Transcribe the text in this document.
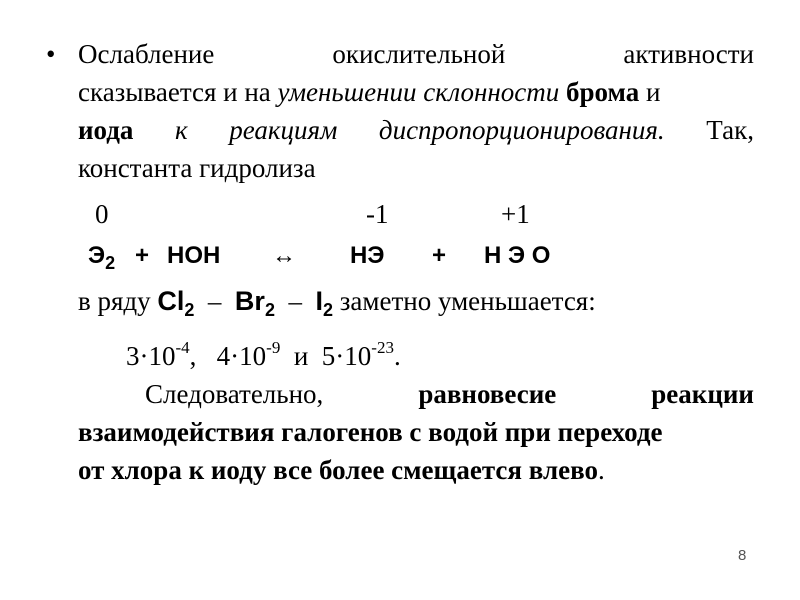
• Ослабление	окислительной	активности
сказывается и на уменьшении склонности брома и
иода к реакциям диспропорционирования. Так,
константа гидролиза
0	-1	+1
$Э_2$ + HOH ↔ HЭ + H Э O
в ряду $Cl_2 - Br_2 - I_2$ заметно уменьшается:
$3\cdot 10^{-4}$, $4\cdot 10^{-9}$ и $5\cdot 10^{-23}$.
Следовательно,	равновесие	реакции
взаимодействия галогенов с водой при переходе
от хлора к иоду все более смещается влево.
8
